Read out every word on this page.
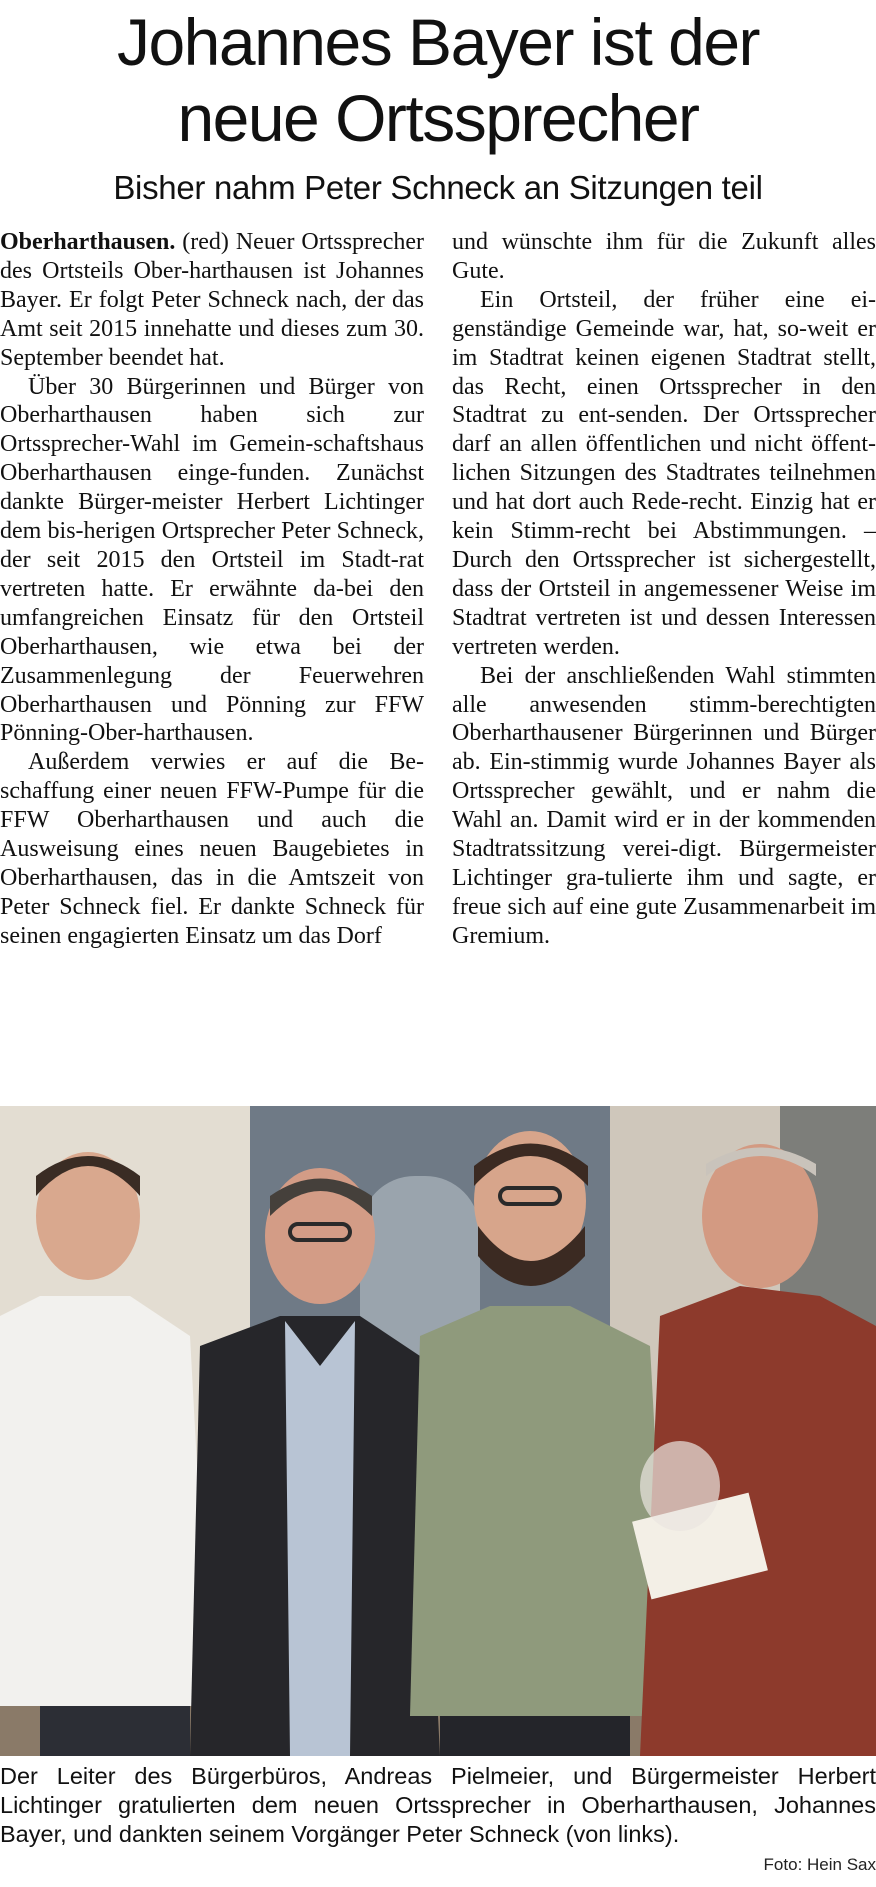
Johannes Bayer ist der
neue Ortssprecher
Bisher nahm Peter Schneck an Sitzungen teil

Oberharthausen. (red) Neuer Ortssprecher des Ortsteils Ober-harthausen ist Johannes Bayer. Er folgt Peter Schneck nach, der das Amt seit 2015 innehatte und dieses zum 30. September beendet hat.

Über 30 Bürgerinnen und Bürger von Oberharthausen haben sich zur Ortssprecher-Wahl im Gemein-schaftshaus Oberharthausen einge-funden. Zunächst dankte Bürger-meister Herbert Lichtinger dem bis-herigen Ortsprecher Peter Schneck, der seit 2015 den Ortsteil im Stadt-rat vertreten hatte. Er erwähnte da-bei den umfangreichen Einsatz für den Ortsteil Oberharthausen, wie etwa bei der Zusammenlegung der Feuerwehren Oberharthausen und Pönning zur FFW Pönning-Ober-harthausen.

Außerdem verwies er auf die Be-schaffung einer neuen FFW-Pumpe für die FFW Oberharthausen und auch die Ausweisung eines neuen Baugebietes in Oberharthausen, das in die Amtszeit von Peter Schneck fiel. Er dankte Schneck für seinen engagierten Einsatz um das Dorf

und wünschte ihm für die Zukunft alles Gute.

Ein Ortsteil, der früher eine ei-genständige Gemeinde war, hat, so-weit er im Stadtrat keinen eigenen Stadtrat stellt, das Recht, einen Ortssprecher in den Stadtrat zu ent-senden. Der Ortssprecher darf an allen öffentlichen und nicht öffent-lichen Sitzungen des Stadtrates teilnehmen und hat dort auch Rede-recht. Einzig hat er kein Stimm-recht bei Abstimmungen. – Durch den Ortssprecher ist sichergestellt, dass der Ortsteil in angemessener Weise im Stadtrat vertreten ist und dessen Interessen vertreten werden.

Bei der anschließenden Wahl stimmten alle anwesenden stimm-berechtigten Oberharthausener Bürgerinnen und Bürger ab. Ein-stimmig wurde Johannes Bayer als Ortssprecher gewählt, und er nahm die Wahl an. Damit wird er in der kommenden Stadtratssitzung verei-digt. Bürgermeister Lichtinger gra-tulierte ihm und sagte, er freue sich auf eine gute Zusammenarbeit im Gremium.

Der Leiter des Bürgerbüros, Andreas Pielmeier, und Bürgermeister Herbert Lichtinger gratulierten dem neuen Ortssprecher in Oberharthausen, Johannes Bayer, und dankten seinem Vorgänger Peter Schneck (von links).
Foto: Hein Sax
